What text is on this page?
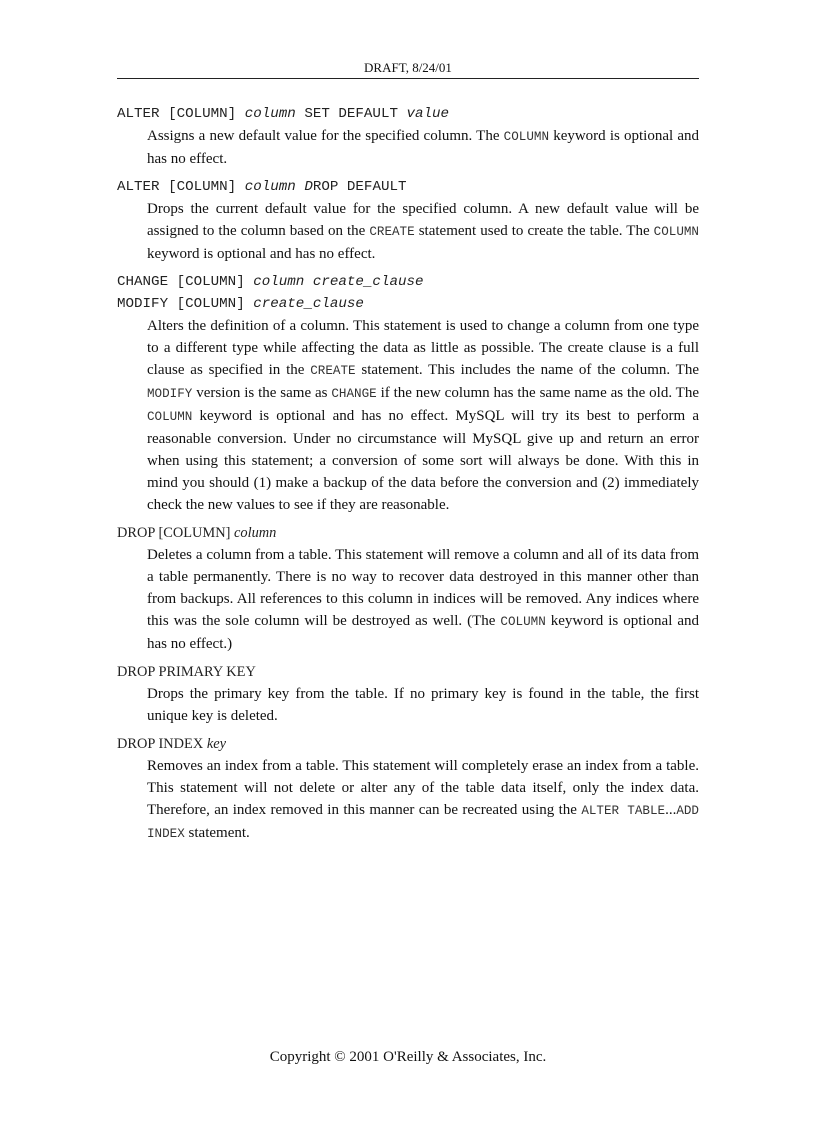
DRAFT, 8/24/01
ALTER [COLUMN] column SET DEFAULT value
Assigns a new default value for the specified column. The COLUMN keyword is optional and has no effect.
ALTER [COLUMN] column DROP DEFAULT
Drops the current default value for the specified column. A new default value will be assigned to the column based on the CREATE statement used to create the table. The COLUMN keyword is optional and has no effect.
CHANGE [COLUMN] column create_clause
MODIFY [COLUMN] create_clause
Alters the definition of a column. This statement is used to change a column from one type to a different type while affecting the data as little as possible. The create clause is a full clause as specified in the CREATE statement. This includes the name of the column. The MODIFY version is the same as CHANGE if the new column has the same name as the old. The COLUMN keyword is optional and has no effect. MySQL will try its best to perform a reasonable conversion. Under no circumstance will MySQL give up and return an error when using this statement; a conversion of some sort will always be done. With this in mind you should (1) make a backup of the data before the conversion and (2) immediately check the new values to see if they are reasonable.
DROP [COLUMN] column
Deletes a column from a table. This statement will remove a column and all of its data from a table permanently. There is no way to recover data destroyed in this manner other than from backups. All references to this column in indices will be removed. Any indices where this was the sole column will be destroyed as well. (The COLUMN keyword is optional and has no effect.)
DROP PRIMARY KEY
Drops the primary key from the table. If no primary key is found in the table, the first unique key is deleted.
DROP INDEX key
Removes an index from a table. This statement will completely erase an index from a table. This statement will not delete or alter any of the table data itself, only the index data. Therefore, an index removed in this manner can be recreated using the ALTER TABLE...ADD INDEX statement.
Copyright © 2001 O'Reilly & Associates, Inc.
